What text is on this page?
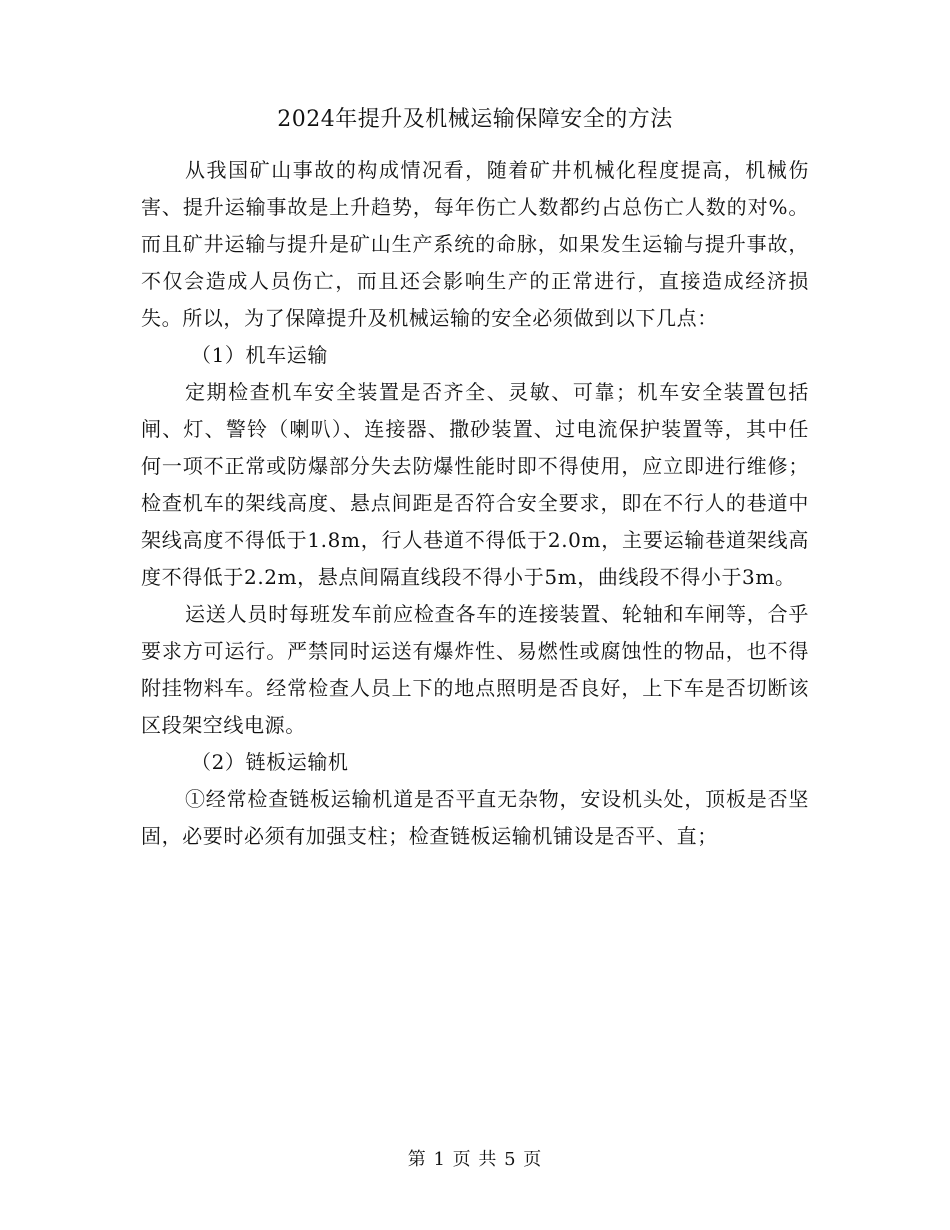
2024年提升及机械运输保障安全的方法

从我国矿山事故的构成情况看，随着矿井机械化程度提高，机械伤害、提升运输事故是上升趋势，每年伤亡人数都约占总伤亡人数的对%。而且矿井运输与提升是矿山生产系统的命脉，如果发生运输与提升事故，不仅会造成人员伤亡，而且还会影响生产的正常进行，直接造成经济损失。所以，为了保障提升及机械运输的安全必须做到以下几点：

（1）机车运输

定期检查机车安全装置是否齐全、灵敏、可靠；机车安全装置包括闸、灯、警铃（喇叭）、连接器、撒砂装置、过电流保护装置等，其中任何一项不正常或防爆部分失去防爆性能时即不得使用，应立即进行维修；检查机车的架线高度、悬点间距是否符合安全要求，即在不行人的巷道中架线高度不得低于1.8m，行人巷道不得低于2.0m，主要运输巷道架线高度不得低于2.2m，悬点间隔直线段不得小于5m，曲线段不得小于3m。

运送人员时每班发车前应检查各车的连接装置、轮轴和车闸等，合乎要求方可运行。严禁同时运送有爆炸性、易燃性或腐蚀性的物品，也不得附挂物料车。经常检查人员上下的地点照明是否良好，上下车是否切断该区段架空线电源。

（2）链板运输机

①经常检查链板运输机道是否平直无杂物，安设机头处，顶板是否坚固，必要时必须有加强支柱；检查链板运输机铺设是否平、直；

第 1 页 共 5 页
